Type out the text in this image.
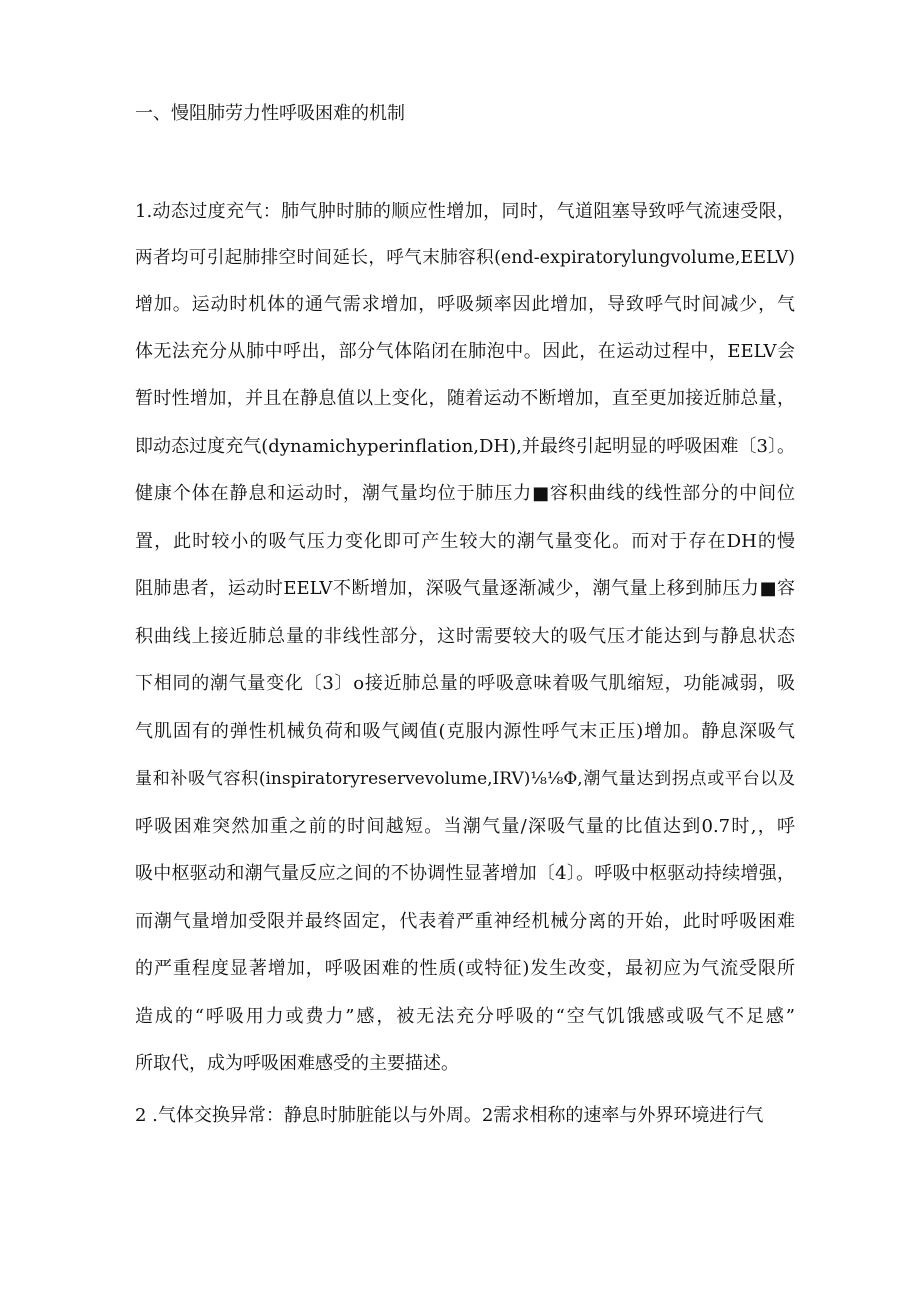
一、慢阻肺劳力性呼吸困难的机制
1.动态过度充气：肺气肿时肺的顺应性增加，同时，气道阻塞导致呼气流速受限，
两者均可引起肺排空时间延长，呼气末肺容积(end-expiratorylungvolume,EELV)
增加。运动时机体的通气需求增加，呼吸频率因此增加，导致呼气时间减少，气
体无法充分从肺中呼出，部分气体陷闭在肺泡中。因此，在运动过程中，EELV会
暂时性增加，并且在静息值以上变化，随着运动不断增加，直至更加接近肺总量，
即动态过度充气(dynamichyperinflation,DH),并最终引起明显的呼吸困难〔3〕。
健康个体在静息和运动时，潮气量均位于肺压力■容积曲线的线性部分的中间位
置，此时较小的吸气压力变化即可产生较大的潮气量变化。而对于存在DH的慢
阻肺患者，运动时EELV不断增加，深吸气量逐渐减少，潮气量上移到肺压力■容
积曲线上接近肺总量的非线性部分，这时需要较大的吸气压才能达到与静息状态
下相同的潮气量变化〔3〕o接近肺总量的呼吸意味着吸气肌缩短，功能减弱，吸
气肌固有的弹性机械负荷和吸气阈值(克服内源性呼气末正压)增加。静息深吸气
量和补吸气容积(inspiratoryreservevolume,IRV)⅛⅛Φ,潮气量达到拐点或平台以及
呼吸困难突然加重之前的时间越短。当潮气量/深吸气量的比值达到0.7时,，呼
吸中枢驱动和潮气量反应之间的不协调性显著增加〔4〕。呼吸中枢驱动持续增强，
而潮气量增加受限并最终固定，代表着严重神经机械分离的开始，此时呼吸困难
的严重程度显著增加，呼吸困难的性质(或特征)发生改变，最初应为气流受限所
造成的“呼吸用力或费力”感，被无法充分呼吸的“空气饥饿感或吸气不足感”
所取代，成为呼吸困难感受的主要描述。
2 .气体交换异常：静息时肺脏能以与外周。2需求相称的速率与外界环境进行气
